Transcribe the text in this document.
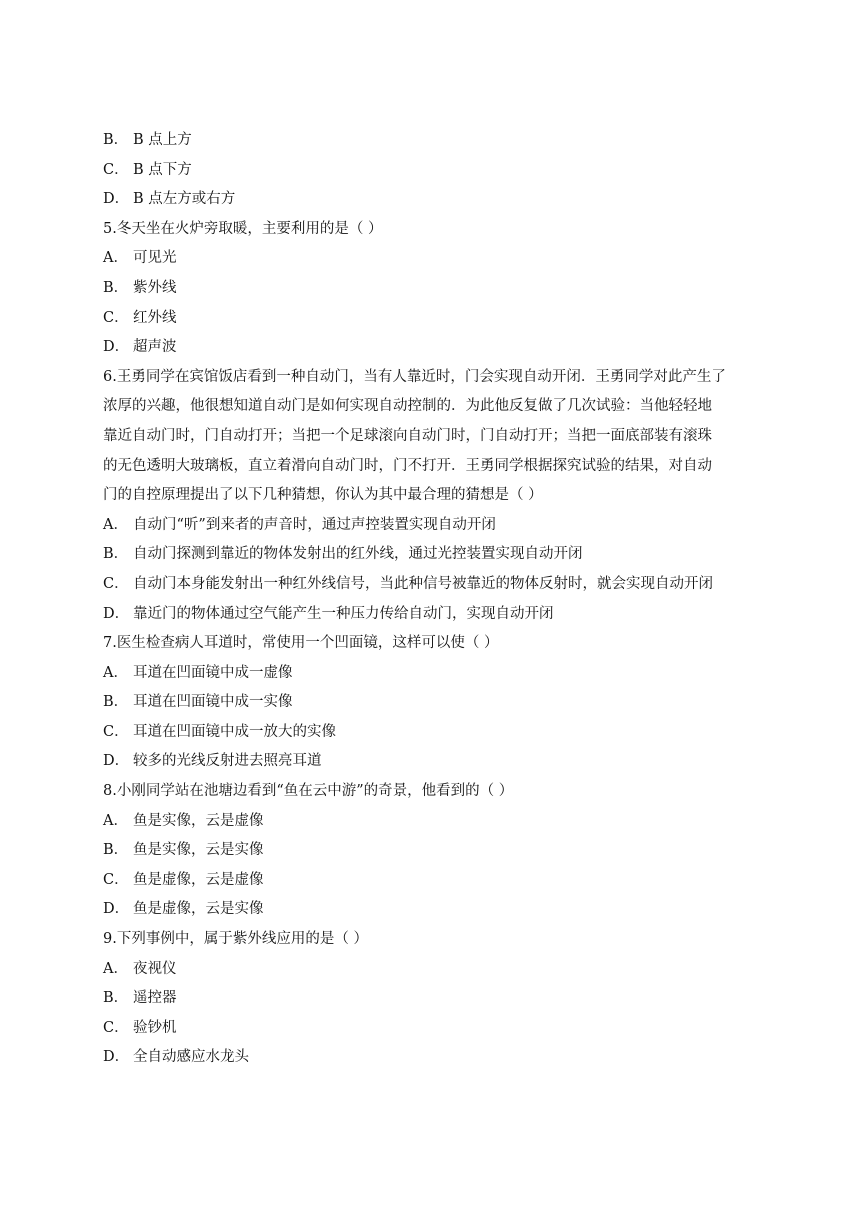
B． B 点上方
C． B 点下方
D． B 点左方或右方
5.冬天坐在火炉旁取暖，主要利用的是（ ）
A． 可见光
B． 紫外线
C． 红外线
D． 超声波
6.王勇同学在宾馆饭店看到一种自动门，当有人靠近时，门会实现自动开闭．王勇同学对此产生了
浓厚的兴趣，他很想知道自动门是如何实现自动控制的．为此他反复做了几次试验：当他轻轻地
靠近自动门时，门自动打开；当把一个足球滚向自动门时，门自动打开；当把一面底部装有滚珠
的无色透明大玻璃板，直立着滑向自动门时，门不打开．王勇同学根据探究试验的结果，对自动
门的自控原理提出了以下几种猜想，你认为其中最合理的猜想是（ ）
A． 自动门“听”到来者的声音时，通过声控装置实现自动开闭
B． 自动门探测到靠近的物体发射出的红外线，通过光控装置实现自动开闭
C． 自动门本身能发射出一种红外线信号，当此种信号被靠近的物体反射时，就会实现自动开闭
D． 靠近门的物体通过空气能产生一种压力传给自动门，实现自动开闭
7.医生检查病人耳道时，常使用一个凹面镜，这样可以使（ ）
A． 耳道在凹面镜中成一虚像
B． 耳道在凹面镜中成一实像
C． 耳道在凹面镜中成一放大的实像
D． 较多的光线反射进去照亮耳道
8.小刚同学站在池塘边看到“鱼在云中游”的奇景，他看到的（ ）
A． 鱼是实像，云是虚像
B． 鱼是实像，云是实像
C． 鱼是虚像，云是虚像
D． 鱼是虚像，云是实像
9.下列事例中，属于紫外线应用的是（ ）
A． 夜视仪
B． 遥控器
C． 验钞机
D． 全自动感应水龙头
